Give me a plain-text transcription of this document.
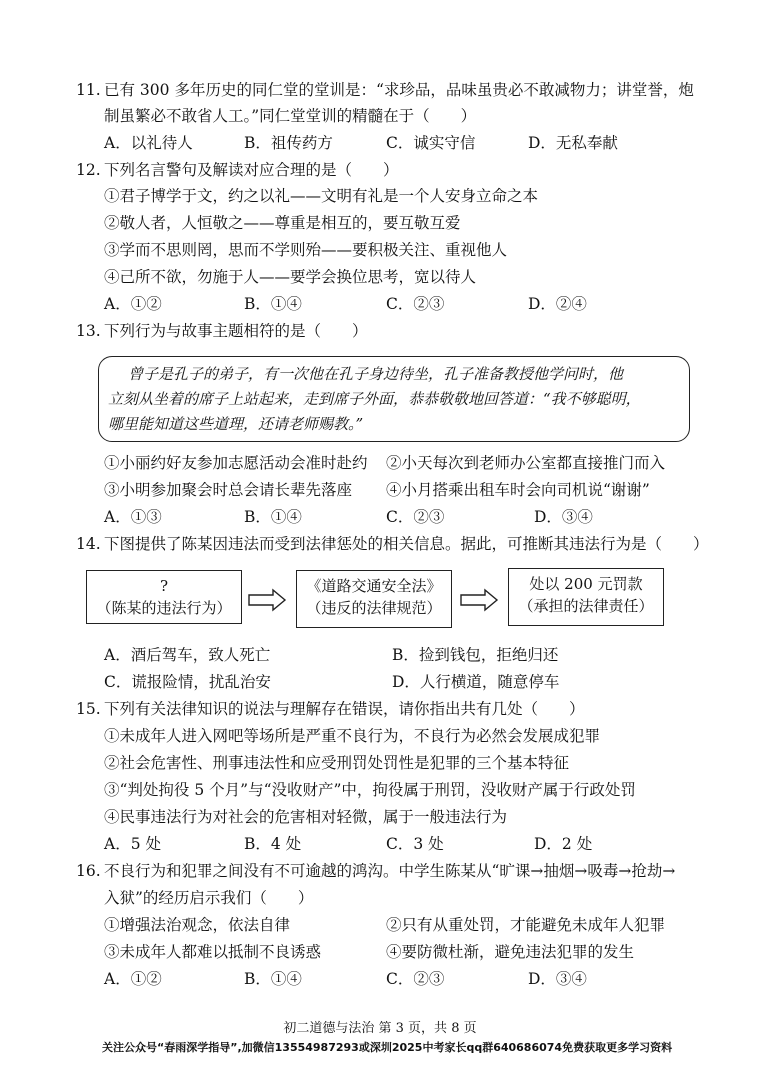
11. 已有 300 多年历史的同仁堂的堂训是：“求珍品，品味虽贵必不敢减物力；讲堂誉，炮
制虽繁必不敢省人工。”同仁堂堂训的精髓在于（　　）
A．以礼待人	B．祖传药方	C．诚实守信	D．无私奉献
12. 下列名言警句及解读对应合理的是（　　）
①君子博学于文，约之以礼——文明有礼是一个人安身立命之本
②敬人者，人恒敬之——尊重是相互的，要互敬互爱
③学而不思则罔，思而不学则殆——要积极关注、重视他人
④己所不欲，勿施于人——要学会换位思考，宽以待人
A．①②	B．①④	C．②③	D．②④
13. 下列行为与故事主题相符的是（　　）
曾子是孔子的弟子，有一次他在孔子身边待坐，孔子准备教授他学问时，他
立刻从坐着的席子上站起来，走到席子外面，恭恭敬敬地回答道：“我不够聪明，
哪里能知道这些道理，还请老师赐教。”
①小丽约好友参加志愿活动会准时赴约 ②小天每次到老师办公室都直接推门而入
③小明参加聚会时总会请长辈先落座 ④小月搭乘出租车时会向司机说“谢谢”
A．①③	B．①④	C．②③	D．③④
14. 下图提供了陈某因违法而受到法律惩处的相关信息。据此，可推断其违法行为是（　　）
?
（陈某的违法行为）
《道路交通安全法》
（违反的法律规范）
处以 200 元罚款
（承担的法律责任）
A．酒后驾车，致人死亡	B．捡到钱包，拒绝归还
C．谎报险情，扰乱治安	D．人行横道，随意停车
15. 下列有关法律知识的说法与理解存在错误，请你指出共有几处（　　）
①未成年人进入网吧等场所是严重不良行为，不良行为必然会发展成犯罪
②社会危害性、刑事违法性和应受刑罚处罚性是犯罪的三个基本特征
③“判处拘役 5 个月”与“没收财产”中，拘役属于刑罚，没收财产属于行政处罚
④民事违法行为对社会的危害相对轻微，属于一般违法行为
A．5 处	B．4 处	C．3 处	D．2 处
16. 不良行为和犯罪之间没有不可逾越的鸿沟。中学生陈某从“旷课→抽烟→吸毒→抢劫→
入狱”的经历启示我们（　　）
①增强法治观念，依法自律	②只有从重处罚，才能避免未成年人犯罪
③未成年人都难以抵制不良诱惑	④要防微杜渐，避免违法犯罪的发生
A．①②	B．①④	C．②③	D．③④
初二道德与法治 第 3 页，共 8 页
关注公众号“春雨深学指导”,加微信13554987293或深圳2025中考家长qq群640686074免费获取更多学习资料
